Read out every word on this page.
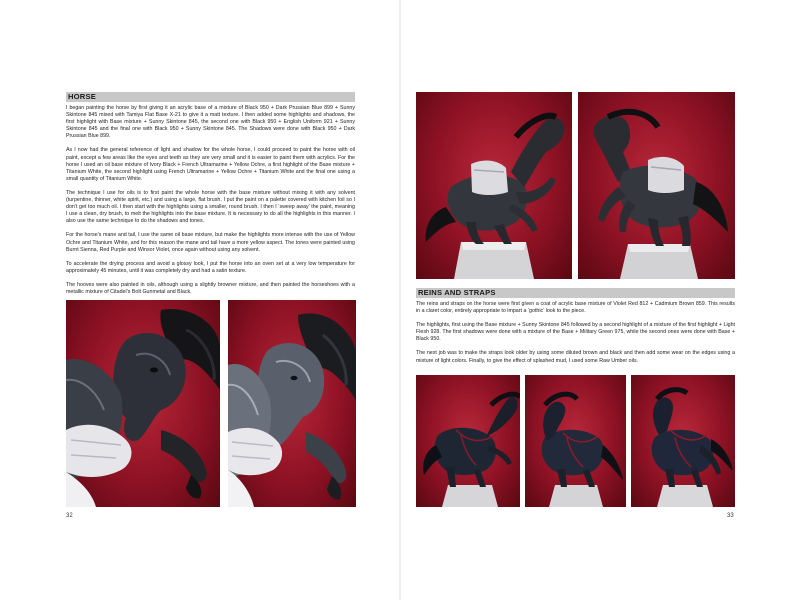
HORSE

I began painting the horse by first giving it an acrylic base of a mixture of Black 950 + Dark Prussian Blue 899 + Sunny Skintone 845 mixed with Tamiya Flat Base X-21 to give it a matt texture. I then added some highlights and shadows, the first highlight with Base mixture + Sunny Skintone 845, the second one with Black 950 + English Uniform 921 + Sunny Skintone 845 and the final one with Black 950 + Sunny Skintone 845. The Shadows were done with Black 950 + Dark Prussian Blue 899.

As I now had the general reference of light and shadow for the whole horse, I could proceed to paint the horse with oil paint, except a few areas like the eyes and teeth as they are very small and it is easier to paint them with acrylics. For the horse I used an oil base mixture of Ivory Black + French Ultramarine + Yellow Ochre, a first highlight of the Base mixture + Titanium White, the second highlight using French Ultramarine + Yellow Ochre + Titanium White and the final one using a small quantity of Titanium White.

The technique I use for oils is to first paint the whole horse with the base mixture without mixing it with any solvent (turpentine, thinner, white spirit, etc.) and using a large, flat brush. I put the paint on a palette covered with kitchen foil so I don’t get too much oil. I then start with the highlights using a smaller, round brush. I then I ‘sweep away’ the paint, meaning I use a clean, dry brush, to melt the highlights into the base mixture. It is necessary to do all the highlights in this manner. I also use the same technique to do the shadows and tones.

For the horse’s mane and tail, I use the same oil base mixture, but make the highlights more intense with the use of Yellow Ochre and Titanium White, and for this reason the mane and tail have a more yellow aspect. The tones were painted using Burnt Sienna, Red Purple and Winsor Violet, once again without using any solvent.

To accelerate the drying process and avoid a glossy look, I put the horse into an oven set at a very low temperature for approximately 45 minutes, until it was completely dry and had a satin texture.

The hooves were also painted in oils, although using a slightly browner mixture, and then painted the horseshoes with a metallic mixture of Citadel’s Bolt Gunmetal and Black.

32
REINS AND STRAPS

The reins and straps on the horse were first given a coat of acrylic base mixture of Violet Red 812 + Cadmium Brown 859. This results in a claret color, entirely appropriate to impart a ‘gothic’ look to the piece.

The highlights, first using the Base mixture + Sunny Skintone 845 followed by a second highlight of a mixture of the first highlight + Light Flesh 928. The first shadows were done with a mixture of the Base + Military Green 975, while the second ones were done with Base + Black 950.

The next job was to make the straps look older by using some diluted brown and black and then add some wear on the edges using a mixture of light colors. Finally, to give the effect of splashed mud, I used some Raw Umber oils.

33
